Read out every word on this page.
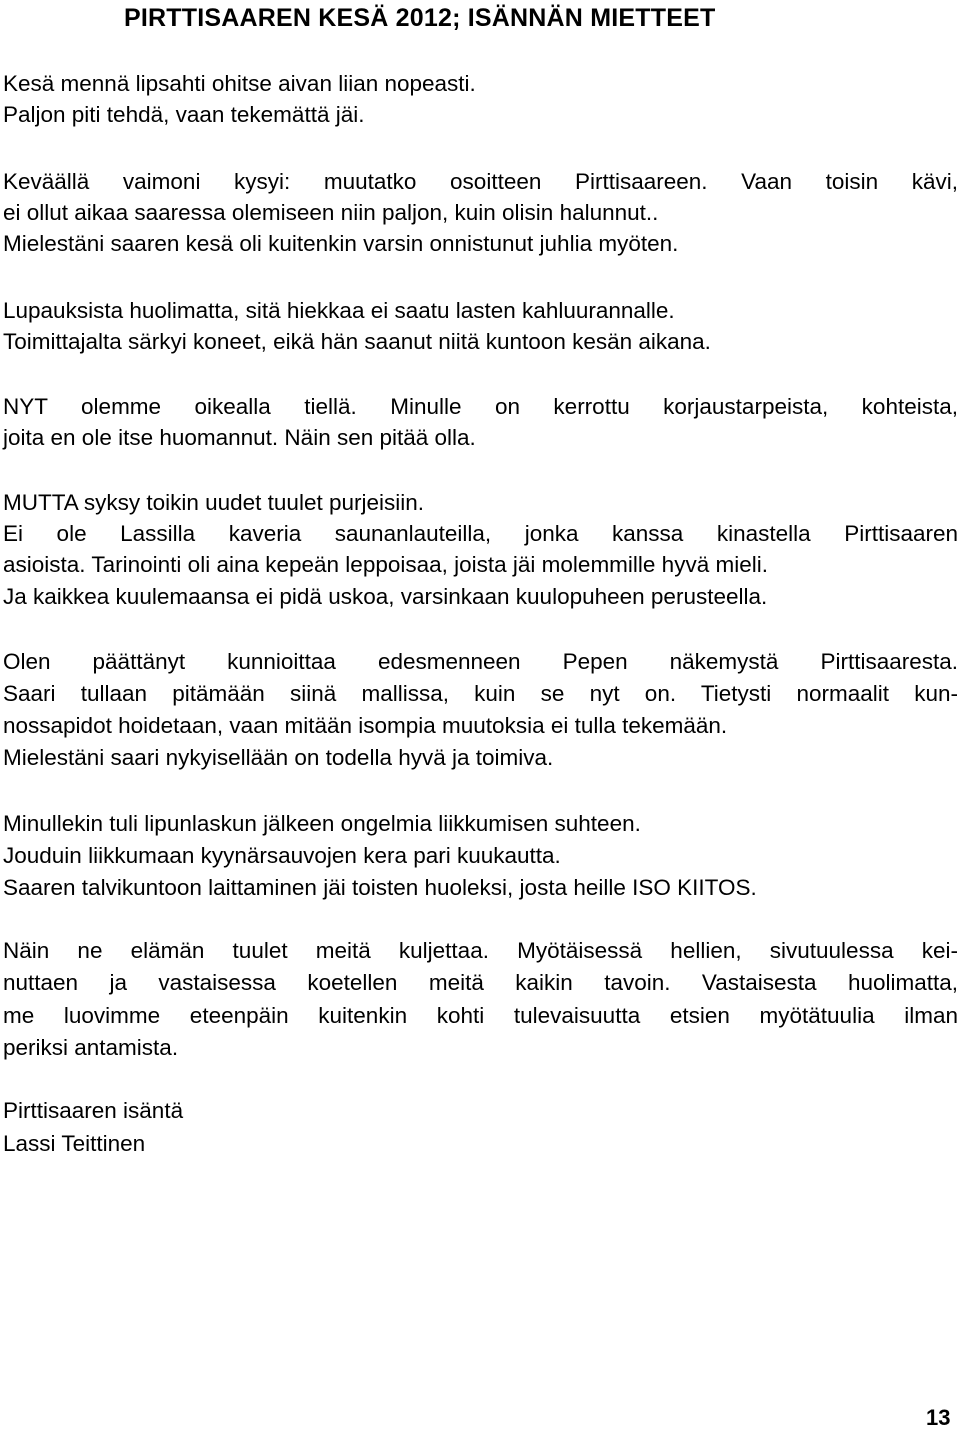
PIRTTISAAREN KESÄ 2012; ISÄNNÄN MIETTEET
Kesä mennä lipsahti ohitse aivan liian nopeasti.
Paljon piti tehdä, vaan tekemättä jäi.
Keväällä vaimoni kysyi: muutatko osoitteen Pirttisaareen. Vaan toisin kävi,
ei ollut aikaa saaressa olemiseen niin paljon, kuin olisin halunnut..
Mielestäni saaren kesä oli kuitenkin varsin onnistunut juhlia myöten.
Lupauksista huolimatta, sitä hiekkaa ei saatu lasten kahluurannalle.
Toimittajalta särkyi koneet, eikä hän saanut niitä kuntoon kesän aikana.
NYT olemme oikealla tiellä. Minulle on kerrottu korjaustarpeista, kohteista,
joita en ole itse huomannut. Näin sen pitää olla.
MUTTA syksy toikin uudet tuulet purjeisiin.
Ei ole Lassilla kaveria saunanlauteilla, jonka kanssa kinastella Pirttisaaren
asioista. Tarinointi oli aina kepeän leppoisaa, joista jäi molemmille hyvä mieli.
Ja kaikkea kuulemaansa ei pidä uskoa, varsinkaan kuulopuheen perusteella.
Olen päättänyt kunnioittaa edesmenneen Pepen näkemystä Pirttisaaresta.
Saari tullaan pitämään siinä mallissa, kuin se nyt on. Tietysti normaalit kun-
nossapidot hoidetaan, vaan mitään isompia muutoksia ei tulla tekemään.
Mielestäni saari nykyisellään on todella hyvä ja toimiva.
Minullekin tuli lipunlaskun jälkeen ongelmia liikkumisen suhteen.
Jouduin liikkumaan kyynärsauvojen kera pari kuukautta.
Saaren talvikuntoon laittaminen jäi toisten huoleksi, josta heille ISO KIITOS.
Näin ne elämän tuulet meitä kuljettaa. Myötäisessä hellien, sivutuulessa kei-
nuttaen ja vastaisessa koetellen meitä kaikin tavoin. Vastaisesta huolimatta,
me luovimme eteenpäin kuitenkin kohti tulevaisuutta etsien myötätuulia ilman
periksi antamista.
Pirttisaaren isäntä
Lassi Teittinen
13
